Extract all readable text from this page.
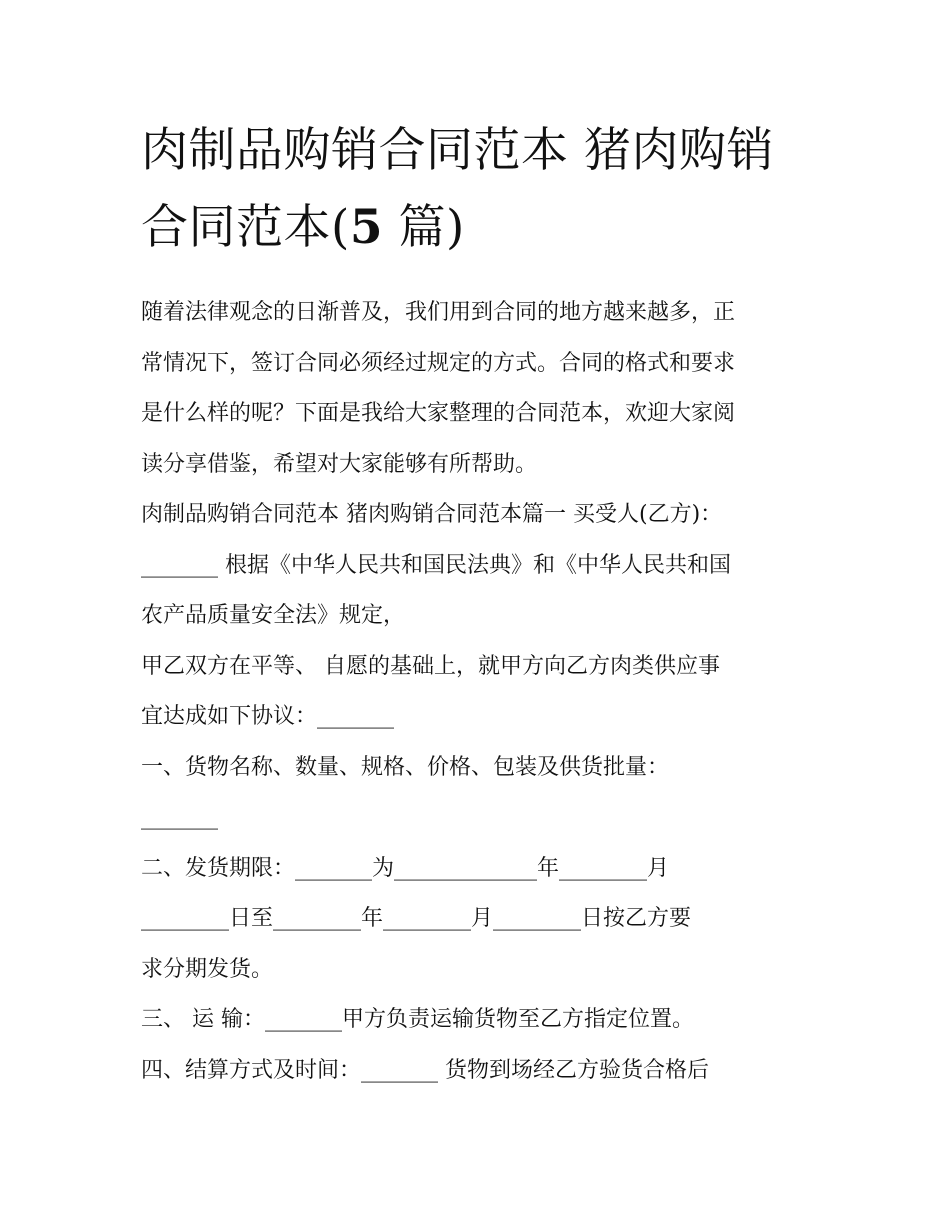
肉制品购销合同范本 猪肉购销
合同范本(5 篇)
随着法律观念的日渐普及，我们用到合同的地方越来越多，正
常情况下，签订合同必须经过规定的方式。合同的格式和要求
是什么样的呢？下面是我给大家整理的合同范本，欢迎大家阅
读分享借鉴，希望对大家能够有所帮助。
肉制品购销合同范本 猪肉购销合同范本篇一 买受人(乙方)：
_______ 根据《中华人民共和国民法典》和《中华人民共和国
农产品质量安全法》规定，
甲乙双方在平等、 自愿的基础上，就甲方向乙方肉类供应事
宜达成如下协议：_______
一、货物名称、数量、规格、价格、包装及供货批量：
_______
二、发货期限：_______为_____________年________月
________日至________年________月________日按乙方要
求分期发货。
三、 运 输：_______甲方负责运输货物至乙方指定位置。
四、结算方式及时间：_______ 货物到场经乙方验货合格后
